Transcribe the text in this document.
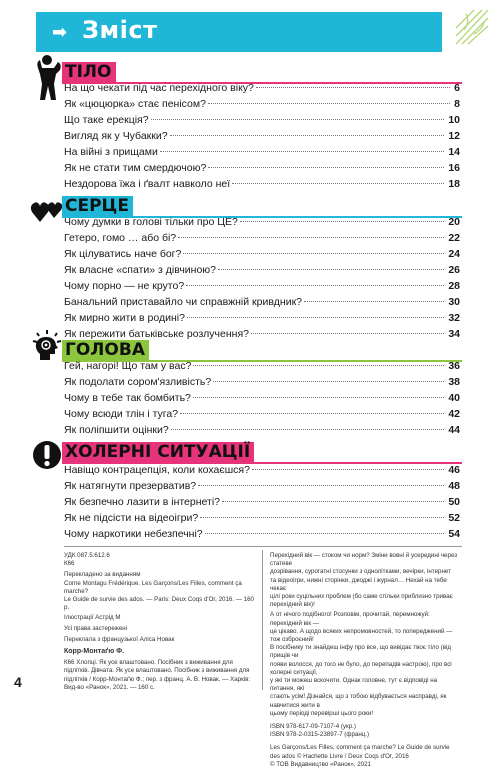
➡ Зміст
ТІЛО
На що чекати під час перехідного віку?	6
Як «цюцюрка» стає пенісом?	8
Що таке ерекція?	10
Вигляд як у Чубакки?	12
На війні з прищами	14
Як не стати тим смердючою?	16
Нездорова їжа і ґвалт навколо неї	18
СЕРЦЕ
Чому думки в голові тільки про ЦЕ?	20
Гетеро, гомо … або бі?	22
Як цілуватись наче бог?	24
Як власне «спати» з дівчиною?	26
Чому порно — не круто?	28
Банальний приставайло чи справжній кривдник?	30
Як мирно жити в родині?	32
Як пережити батьківське розлучення?	34
ГОЛОВА
Гей, нагорі! Що там у вас?	36
Як подолати сором'язливість?	38
Чому в тебе так бомбить?	40
Чому всюди тлін і туга?	42
Як поліпшити оцінки?	44
ХОЛЕРНІ СИТУАЦІЇ
Навіщо контрацепція, коли кохаєшся?	46
Як натягнути презерватив?	48
Як безпечно лазити в інтернеті?	50
Як не підсісти на відеоігри?	52
Чому наркотики небезпечні?	54
УДК 087.5:612.6
К66
Перекладено за виданням
Corne Montagu Frédérique. Les Garçons/Les Filles, comment ça marche?
Le Guide de survie des ados. — Paris: Deux Coqs d'Or, 2016. — 160 p.
Ілюстрації Астрід М
Усі права застережені
Переклала з французької Аліса Новак
Корр-Монтаґю Ф.
К66 Хлопці. Як усе влаштовано. Посібник з виживання для
підлітків. Дівчата. Як усе влаштовано. Посібник з виживання для
підлітків / Корр-Монтаґю Ф.; пер. з франц. А. В. Новак. — Харків:
Вид-во «Ранок», 2021. — 160 с.
Перехідний вік — стоком чи норм? Зміни вовні й усередині через статеве
дозрівання, сурогатні стосунки з однолітками, вечірки, інтернет
та відеоігри, нижні сторінки, джоджі і журнал… Нехай на тебе чекає
цілі роки суцільних проблем (бо саме стільки приблизно триває перехідний вік)!
А от нічого подібного! Розповім, прочитай, перемножуй: перехідний вік —
це цікаво. А щодо всяких непромовностей, то попереджений — тож озброєний!
В посібнику ти знайдеш інфу про все, що вивідає твоє тіло (від прищів чи
появи волосся, до того не було, до перепадів настрою), про всі холерні ситуації,
у які ти можеш вскочити. Однак головне, тут є відповіді на питання, які
стають усім! Дізнайся, що з тобою відбувається насправді, як навчитися жити в
цьому періоді перевірші цього роки!
ISBN 978-617-09-7107-4 (укр.)
ISBN 978-2-0315-23897-7 (франц.)
Les Garçons/Les Filles, comment ça marche? Le Guide de survie
des ados © Hachette Livre / Deux Coqs d'Or, 2016
© ТОВ Видавництво «Ранок», 2021
4
